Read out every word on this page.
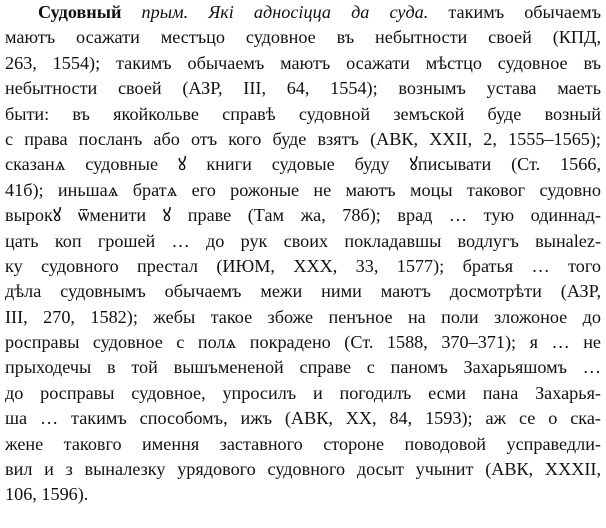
Судовный прым. Які адносіцца да суда. такимъ обычаемъ
маютъ осажати местъцо судовное въ небытности своей (КПД,
263, 1554); такимъ обычаемъ маютъ осажати мѣстцо судовное въ
небытности своей (АЗР, III, 64, 1554); вознымъ устава маеть
быти: въ якойкольве справѣ судовной земъской буде возный
с права посланъ або отъ кого буде взятъ (АВК, XXII, 2, 1555–1565);
сказанѧ судовные ꙋ книги судовые буду ꙋписывати (Ст. 1566,
41б); иньшаѧ братѧ его рожоные не маютъ моцы таковог судовно
вырокꙋ ѿменити ꙋ праве (Там жа, 78б); врад … тую одиннад-
цать коп грошей … до рук своих покладавшы водлугъ вынalez-
ку судовного престал (ИЮМ, XXX, 33, 1577); братья … того
дѣла судовнымъ обычаемъ межи ними маютъ досмотрѣти (АЗР,
III, 270, 1582); жебы такое збоже пенъное на поли зложоное до
росправы судовное с полѧ покрадено (Ст. 1588, 370–371); я … не
прыходечы в той вышъмененой справе с паномъ Захарьяшомъ …
до росправы судовное, упросилъ и погодилъ есми пана Захарья-
ша … такимъ способомъ, ижъ (АВК, XX, 84, 1593); аж се о ска-
жене таковго имення заставного стороне поводовой усправедли-
вил и з выналезку урядового судовного досыт учынит (АВК, XXXII,
106, 1596).
